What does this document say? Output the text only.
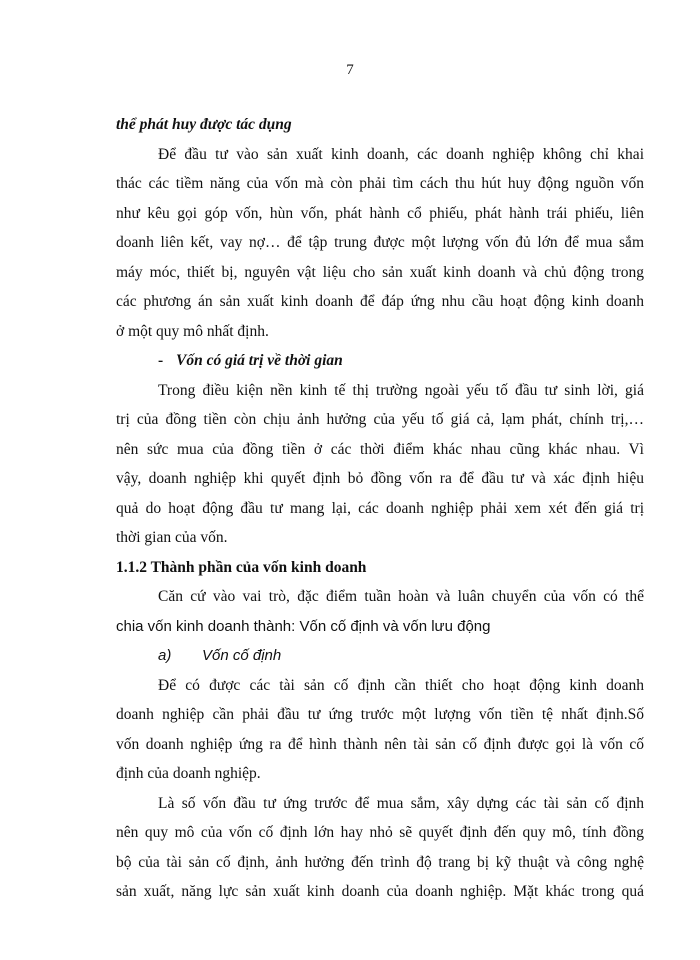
7
thể phát huy được tác dụng
Để đầu tư vào sản xuất kinh doanh, các doanh nghiệp không chỉ khai
thác các tiềm năng của vốn mà còn phải tìm cách thu hút huy động nguồn vốn
như kêu gọi góp vốn, hùn vốn, phát hành cổ phiếu, phát hành trái phiếu, liên
doanh liên kết, vay nợ… để tập trung được một lượng vốn đủ lớn để mua sắm
máy móc, thiết bị, nguyên vật liệu cho sản xuất kinh doanh và chủ động trong
các phương án sản xuất kinh doanh để đáp ứng nhu cầu hoạt động kinh doanh
ở một quy mô nhất định.
- Vốn có giá trị về thời gian
Trong điều kiện nền kinh tế thị trường ngoài yếu tố đầu tư sinh lời, giá
trị của đồng tiền còn chịu ảnh hưởng của yếu tố giá cả, lạm phát, chính trị,…
nên sức mua của đồng tiền ở các thời điểm khác nhau cũng khác nhau. Vì
vậy, doanh nghiệp khi quyết định bỏ đồng vốn ra để đầu tư và xác định hiệu
quả do hoạt động đầu tư mang lại, các doanh nghiệp phải xem xét đến giá trị
thời gian của vốn.
1.1.2 Thành phần của vốn kinh doanh
Căn cứ vào vai trò, đặc điểm tuần hoàn và luân chuyển của vốn có thể
chia vốn kinh doanh thành: Vốn cố định và vốn lưu động
a) Vốn cố định
Để có được các tài sản cố định cần thiết cho hoạt động kinh doanh
doanh nghiệp cần phải đầu tư ứng trước một lượng vốn tiền tệ nhất định.Số
vốn doanh nghiệp ứng ra để hình thành nên tài sản cố định được gọi là vốn cố
định của doanh nghiệp.
Là số vốn đầu tư ứng trước để mua sắm, xây dựng các tài sản cố định
nên quy mô của vốn cố định lớn hay nhỏ sẽ quyết định đến quy mô, tính đồng
bộ của tài sản cố định, ảnh hưởng đến trình độ trang bị kỹ thuật và công nghệ
sản xuất, năng lực sản xuất kinh doanh của doanh nghiệp. Mặt khác trong quá
